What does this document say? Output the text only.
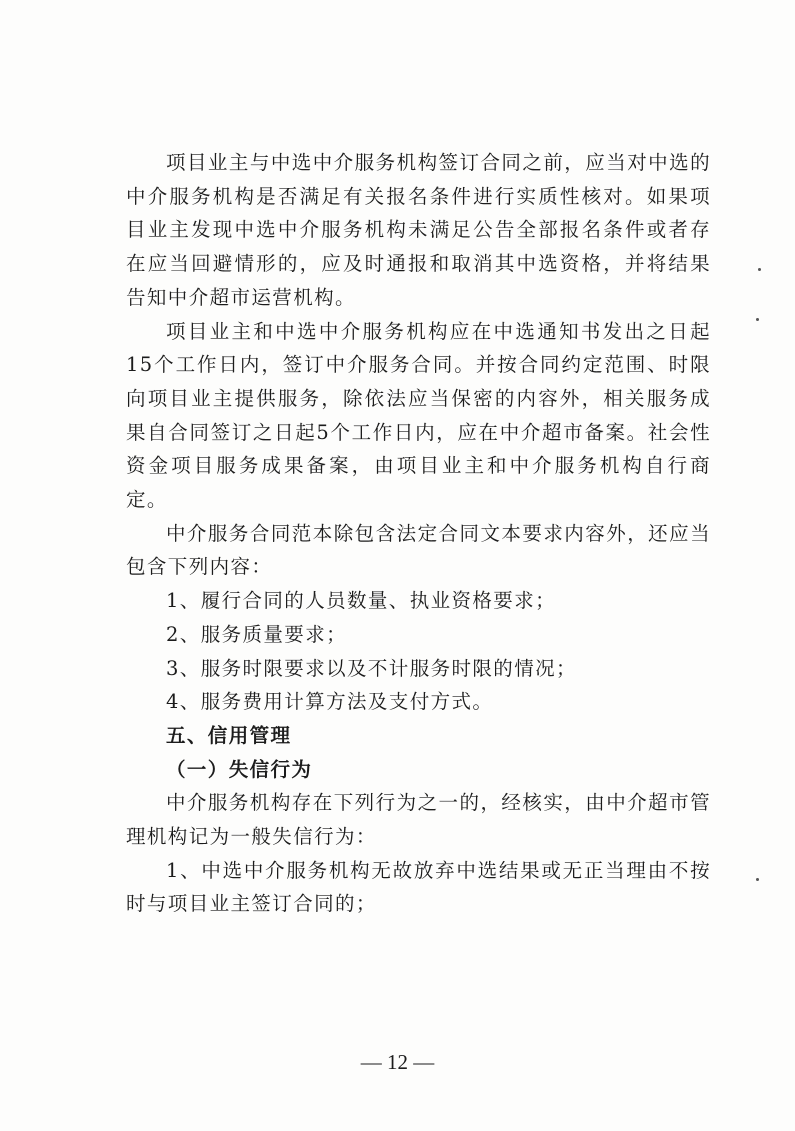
项目业主与中选中介服务机构签订合同之前，应当对中选的中介服务机构是否满足有关报名条件进行实质性核对。如果项目业主发现中选中介服务机构未满足公告全部报名条件或者存在应当回避情形的，应及时通报和取消其中选资格，并将结果告知中介超市运营机构。

项目业主和中选中介服务机构应在中选通知书发出之日起15个工作日内，签订中介服务合同。并按合同约定范围、时限向项目业主提供服务，除依法应当保密的内容外，相关服务成果自合同签订之日起5个工作日内，应在中介超市备案。社会性资金项目服务成果备案，由项目业主和中介服务机构自行商定。

中介服务合同范本除包含法定合同文本要求内容外，还应当包含下列内容：

1、履行合同的人员数量、执业资格要求；

2、服务质量要求；

3、服务时限要求以及不计服务时限的情况；

4、服务费用计算方法及支付方式。

五、信用管理

（一）失信行为

中介服务机构存在下列行为之一的，经核实，由中介超市管理机构记为一般失信行为：

1、中选中介服务机构无故放弃中选结果或无正当理由不按时与项目业主签订合同的；

— 12 —
